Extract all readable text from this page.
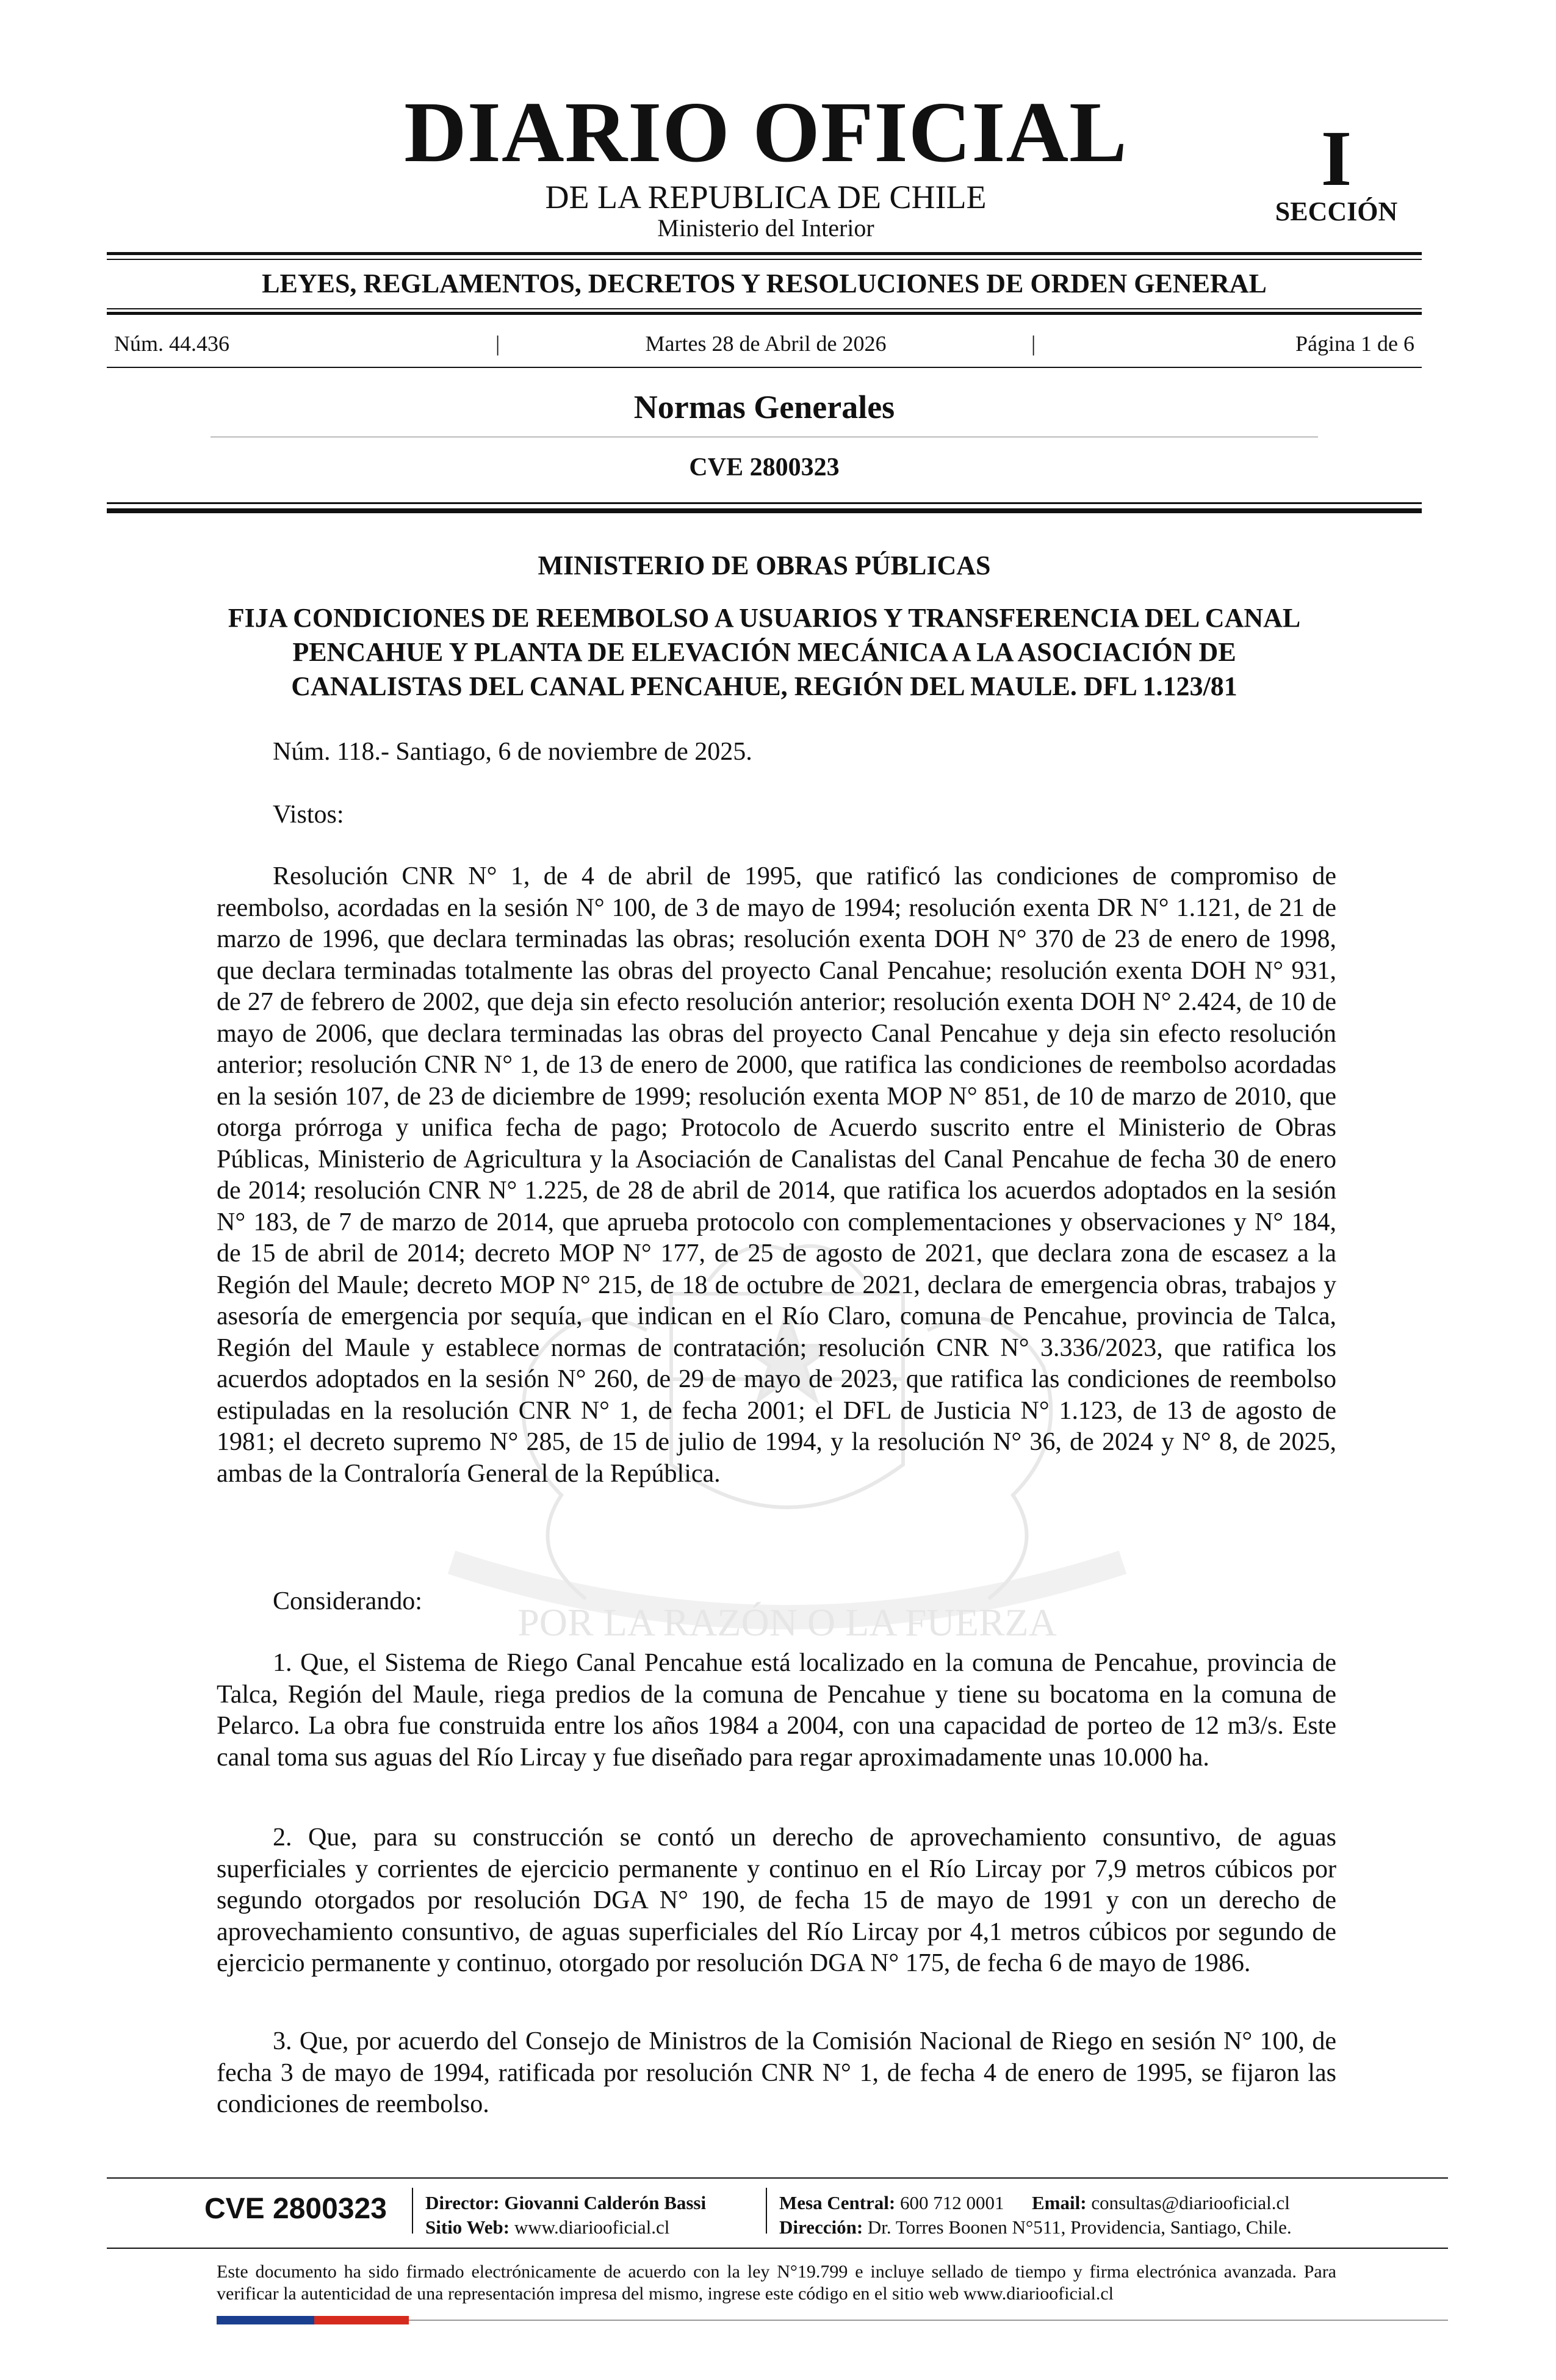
POR LA RAZÓN O LA FUERZA
DIARIO OFICIAL
DE LA REPUBLICA DE CHILE
Ministerio del Interior
I
SECCIÓN
LEYES, REGLAMENTOS, DECRETOS Y RESOLUCIONES DE ORDEN GENERAL
Núm. 44.436	|	Martes 28 de Abril de 2026	|	Página 1 de 6
Normas Generales
CVE 2800323
MINISTERIO DE OBRAS PÚBLICAS
FIJA CONDICIONES DE REEMBOLSO A USUARIOS Y TRANSFERENCIA DEL CANAL PENCAHUE Y PLANTA DE ELEVACIÓN MECÁNICA A LA ASOCIACIÓN DE CANALISTAS DEL CANAL PENCAHUE, REGIÓN DEL MAULE. DFL 1.123/81
Núm. 118.- Santiago, 6 de noviembre de 2025.
Vistos:
Resolución CNR N° 1, de 4 de abril de 1995, que ratificó las condiciones de compromiso de reembolso, acordadas en la sesión N° 100, de 3 de mayo de 1994; resolución exenta DR N° 1.121, de 21 de marzo de 1996, que declara terminadas las obras; resolución exenta DOH N° 370 de 23 de enero de 1998, que declara terminadas totalmente las obras del proyecto Canal Pencahue; resolución exenta DOH N° 931, de 27 de febrero de 2002, que deja sin efecto resolución anterior; resolución exenta DOH N° 2.424, de 10 de mayo de 2006, que declara terminadas las obras del proyecto Canal Pencahue y deja sin efecto resolución anterior; resolución CNR N° 1, de 13 de enero de 2000, que ratifica las condiciones de reembolso acordadas en la sesión 107, de 23 de diciembre de 1999; resolución exenta MOP N° 851, de 10 de marzo de 2010, que otorga prórroga y unifica fecha de pago; Protocolo de Acuerdo suscrito entre el Ministerio de Obras Públicas, Ministerio de Agricultura y la Asociación de Canalistas del Canal Pencahue de fecha 30 de enero de 2014; resolución CNR N° 1.225, de 28 de abril de 2014, que ratifica los acuerdos adoptados en la sesión N° 183, de 7 de marzo de 2014, que aprueba protocolo con complementaciones y observaciones y N° 184, de 15 de abril de 2014; decreto MOP N° 177, de 25 de agosto de 2021, que declara zona de escasez a la Región del Maule; decreto MOP N° 215, de 18 de octubre de 2021, declara de emergencia obras, trabajos y asesoría de emergencia por sequía, que indican en el Río Claro, comuna de Pencahue, provincia de Talca, Región del Maule y establece normas de contratación; resolución CNR N° 3.336/2023, que ratifica los acuerdos adoptados en la sesión N° 260, de 29 de mayo de 2023, que ratifica las condiciones de reembolso estipuladas en la resolución CNR N° 1, de fecha 2001; el DFL de Justicia N° 1.123, de 13 de agosto de 1981; el decreto supremo N° 285, de 15 de julio de 1994, y la resolución N° 36, de 2024 y N° 8, de 2025, ambas de la Contraloría General de la República.
Considerando:
1. Que, el Sistema de Riego Canal Pencahue está localizado en la comuna de Pencahue, provincia de Talca, Región del Maule, riega predios de la comuna de Pencahue y tiene su bocatoma en la comuna de Pelarco. La obra fue construida entre los años 1984 a 2004, con una capacidad de porteo de 12 m3/s. Este canal toma sus aguas del Río Lircay y fue diseñado para regar aproximadamente unas 10.000 ha.
2. Que, para su construcción se contó un derecho de aprovechamiento consuntivo, de aguas superficiales y corrientes de ejercicio permanente y continuo en el Río Lircay por 7,9 metros cúbicos por segundo otorgados por resolución DGA N° 190, de fecha 15 de mayo de 1991 y con un derecho de aprovechamiento consuntivo, de aguas superficiales del Río Lircay por 4,1 metros cúbicos por segundo de ejercicio permanente y continuo, otorgado por resolución DGA N° 175, de fecha 6 de mayo de 1986.
3. Que, por acuerdo del Consejo de Ministros de la Comisión Nacional de Riego en sesión N° 100, de fecha 3 de mayo de 1994, ratificada por resolución CNR N° 1, de fecha 4 de enero de 1995, se fijaron las condiciones de reembolso.
CVE 2800323 Director: Giovanni Calderón Bassi
Sitio Web: www.diariooficial.cl
Mesa Central: 600 712 0001 Email: consultas@diariooficial.cl
Dirección: Dr. Torres Boonen N°511, Providencia, Santiago, Chile.
Este documento ha sido firmado electrónicamente de acuerdo con la ley N°19.799 e incluye sellado de tiempo y firma electrónica avanzada. Para verificar la autenticidad de una representación impresa del mismo, ingrese este código en el sitio web www.diariooficial.cl
